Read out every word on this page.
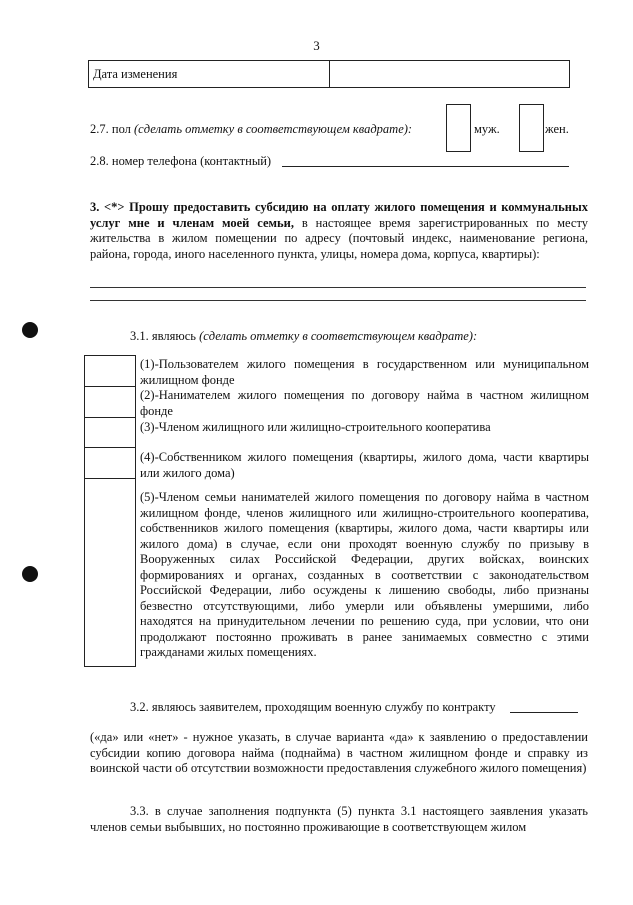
3
Дата изменения
2.7. пол (сделать отметку в соответствующем квадрате):	муж.	жен.
2.8. номер телефона (контактный)
3. <*> Прошу предоставить субсидию на оплату жилого помещения и коммунальных услуг мне и членам моей семьи, в настоящее время зарегистрированных по месту жительства в жилом помещении по адресу (почтовый индекс, наименование региона, района, города, иного населенного пункта, улицы, номера дома, корпуса, квартиры):
3.1. являюсь (сделать отметку в соответствующем квадрате):
(1)-Пользователем жилого помещения в государственном или муниципальном жилищном фонде
(2)-Нанимателем жилого помещения по договору найма в частном жилищном фонде
(3)-Членом жилищного или жилищно-строительного кооператива
(4)-Собственником жилого помещения (квартиры, жилого дома, части квартиры или жилого дома)
(5)-Членом семьи нанимателей жилого помещения по договору найма в частном жилищном фонде, членов жилищного или жилищно-строительного кооператива, собственников жилого помещения (квартиры, жилого дома, части квартиры или жилого дома) в случае, если они проходят военную службу по призыву в Вооруженных силах Российской Федерации, других войсках, воинских формированиях и органах, созданных в соответствии с законодательством Российской Федерации, либо осуждены к лишению свободы, либо признаны безвестно отсутствующими, либо умерли или объявлены умершими, либо находятся на принудительном лечении по решению суда, при условии, что они продолжают постоянно проживать в ранее занимаемых совместно с этими гражданами жилых помещениях.
3.2. являюсь заявителем, проходящим военную службу по контракту
(«да» или «нет» - нужное указать, в случае варианта «да» к заявлению о предоставлении субсидии копию договора найма (поднайма) в частном жилищном фонде и справку из воинской части об отсутствии возможности предоставления служебного жилого помещения)
3.3. в случае заполнения подпункта (5) пункта 3.1 настоящего заявления указать членов семьи выбывших, но постоянно проживающие в соответствующем жилом
